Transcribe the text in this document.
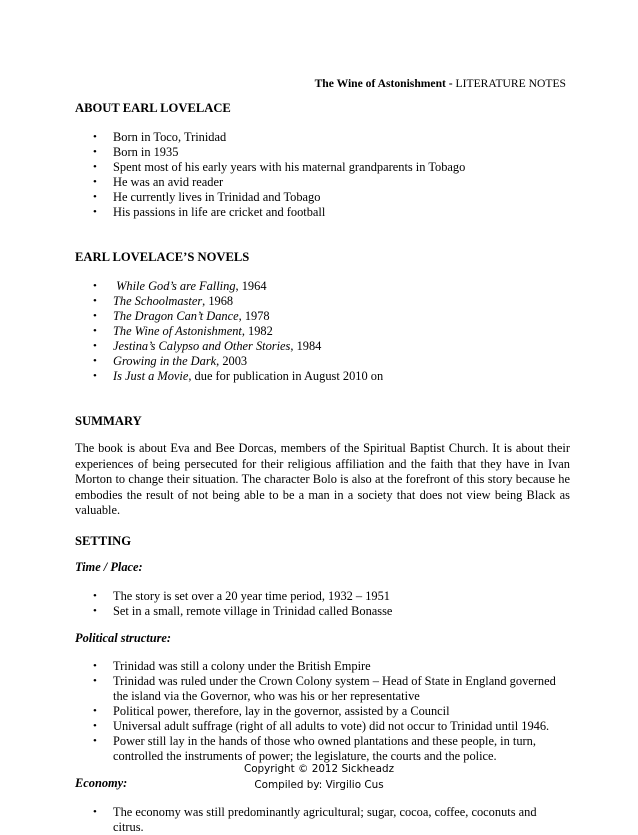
The Wine of Astonishment - LITERATURE NOTES
ABOUT EARL LOVELACE
• Born in Toco, Trinidad
• Born in 1935
• Spent most of his early years with his maternal grandparents in Tobago
• He was an avid reader
• He currently lives in Trinidad and Tobago
• His passions in life are cricket and football
EARL LOVELACE’S NOVELS
• While God’s are Falling, 1964
• The Schoolmaster, 1968
• The Dragon Can’t Dance, 1978
• The Wine of Astonishment, 1982
• Jestina’s Calypso and Other Stories, 1984
• Growing in the Dark, 2003
• Is Just a Movie, due for publication in August 2010 on
SUMMARY

The book is about Eva and Bee Dorcas, members of the Spiritual Baptist Church. It is about their experiences of being persecuted for their religious affiliation and the faith that they have in Ivan Morton to change their situation. The character Bolo is also at the forefront of this story because he embodies the result of not being able to be a man in a society that does not view being Black as valuable.

SETTING
Time / Place:
• The story is set over a 20 year time period, 1932 – 1951
• Set in a small, remote village in Trinidad called Bonasse
Political structure:
• Trinidad was still a colony under the British Empire
• Trinidad was ruled under the Crown Colony system – Head of State in England governed the island via the Governor, who was his or her representative
• Political power, therefore, lay in the governor, assisted by a Council
• Universal adult suffrage (right of all adults to vote) did not occur to Trinidad until 1946.
• Power still lay in the hands of those who owned plantations and these people, in turn, controlled the instruments of power; the legislature, the courts and the police.
Economy:
• The economy was still predominantly agricultural; sugar, cocoa, coffee, coconuts and citrus.
Copyright © 2012 Sickheadz
Compiled by: Virgilio Cus
